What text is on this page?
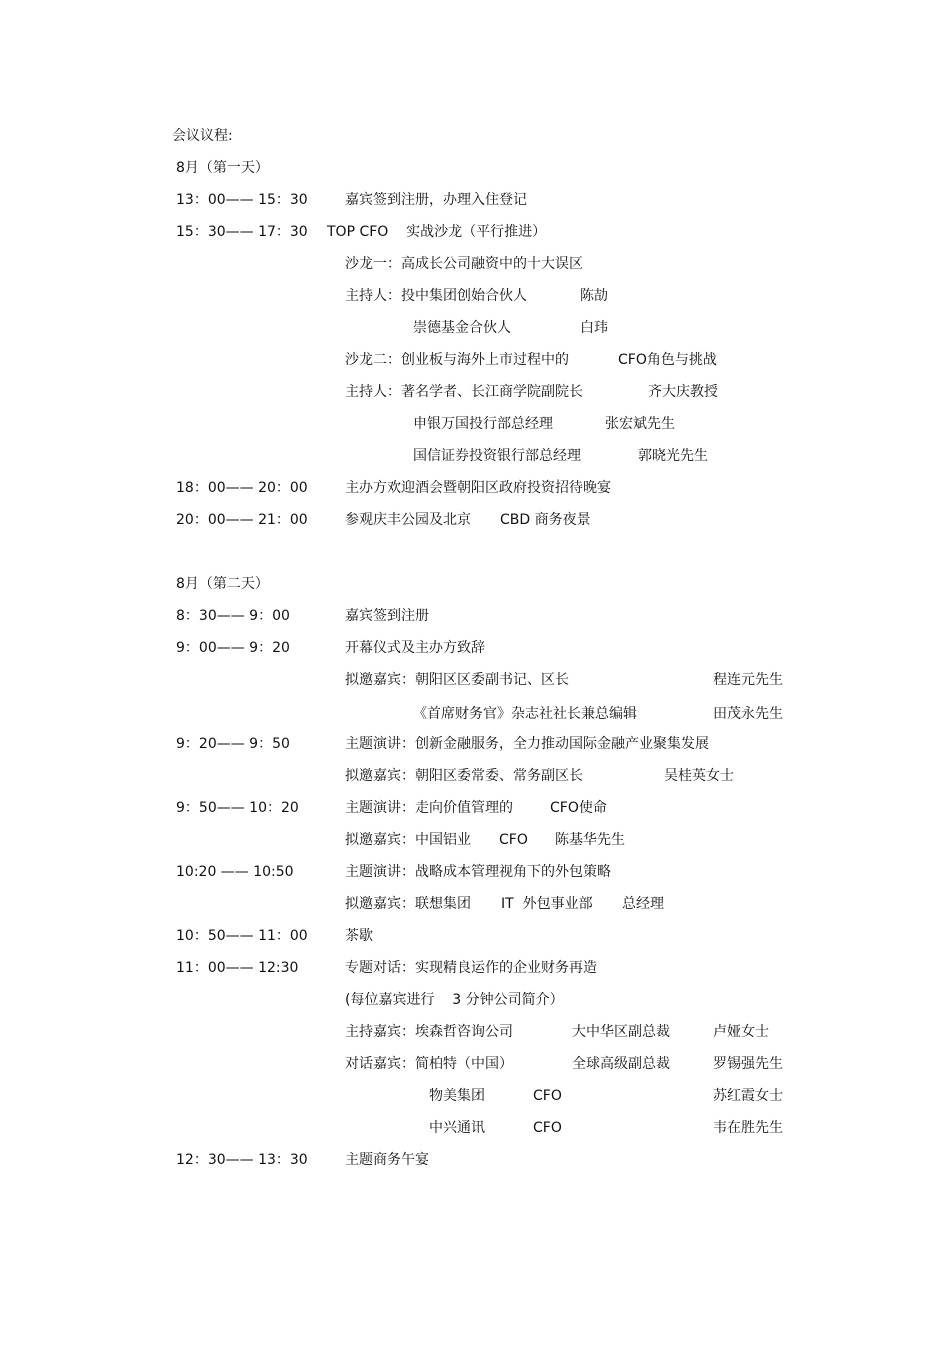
会议议程:
8月（第一天）
13：00—— 15：30	嘉宾签到注册，办理入住登记
15：30—— 17：30 TOP CFO    实战沙龙（平行推进）
沙龙一：高成长公司融资中的十大误区
主持人：投中集团创始合伙人	陈劼
崇德基金合伙人	白玮
沙龙二：创业板与海外上市过程中的	CFO角色与挑战
主持人：著名学者、长江商学院副院长	齐大庆教授
申银万国投行部总经理	张宏斌先生
国信证券投资银行部总经理	郭晓光先生
18：00—— 20：00	主办方欢迎酒会暨朝阳区政府投资招待晚宴
20：00—— 21：00	参观庆丰公园及北京 CBD 商务夜景
8月（第二天）
8：30—— 9：00	嘉宾签到注册
9：00—— 9：20	开幕仪式及主办方致辞
拟邀嘉宾：朝阳区区委副书记、区长	程连元先生
《首席财务官》杂志社社长兼总编辑	田茂永先生
9：20—— 9：50	主题演讲：创新金融服务，全力推动国际金融产业聚集发展
拟邀嘉宾：朝阳区委常委、常务副区长	吴桂英女士
9：50—— 10：20	主题演讲：走向价值管理的	CFO使命
拟邀嘉宾：中国铝业 CFO 陈基华先生
10:20 —— 10:50	主题演讲：战略成本管理视角下的外包策略
拟邀嘉宾：联想集团 IT  外包事业部 总经理
10：50—— 11：00	茶歇
11：00—— 12:30	专题对话：实现精良运作的企业财务再造
(每位嘉宾进行    3 分钟公司简介）
主持嘉宾：埃森哲咨询公司	大中华区副总裁	卢娅女士
对话嘉宾：简柏特（中国）	全球高级副总裁	罗锡强先生
物美集团	CFO	苏红霞女士
中兴通讯	CFO	韦在胜先生
12：30—— 13：30	主题商务午宴
